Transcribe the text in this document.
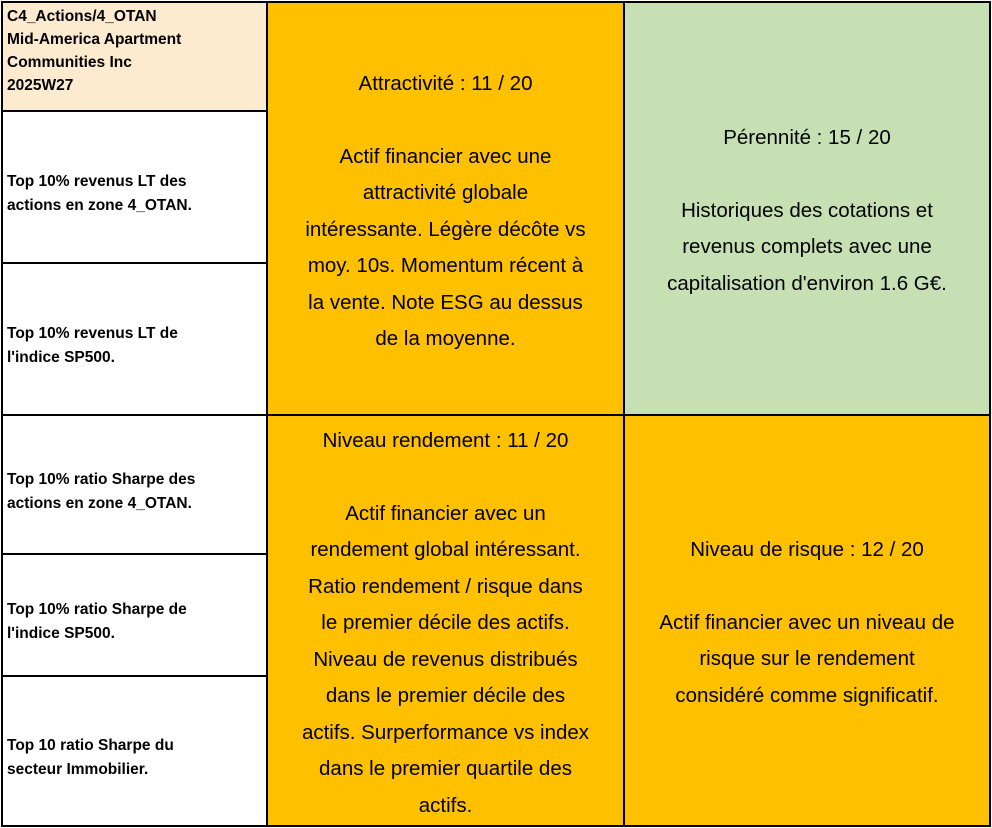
C4_Actions/4_OTAN
Mid-America Apartment
Communities Inc
2025W27
Top 10% revenus LT des
actions en zone 4_OTAN.
Top 10% revenus LT de
l'indice SP500.
Top 10% ratio Sharpe des
actions en zone 4_OTAN.
Top 10% ratio Sharpe de
l'indice SP500.
Top 10 ratio Sharpe du
secteur Immobilier.
Attractivité : 11 / 20
Actif financier avec une
attractivité globale
intéressante. Légère décôte vs
moy. 10s. Momentum récent à
la vente. Note ESG au dessus
de la moyenne.
Pérennité : 15 / 20
Historiques des cotations et
revenus complets avec une
capitalisation d'environ 1.6 G€.
Niveau rendement : 11 / 20
Actif financier avec un
rendement global intéressant.
Ratio rendement / risque dans
le premier décile des actifs.
Niveau de revenus distribués
dans le premier décile des
actifs. Surperformance vs index
dans le premier quartile des
actifs.
Niveau de risque : 12 / 20
Actif financier avec un niveau de
risque sur le rendement
considéré comme significatif.
